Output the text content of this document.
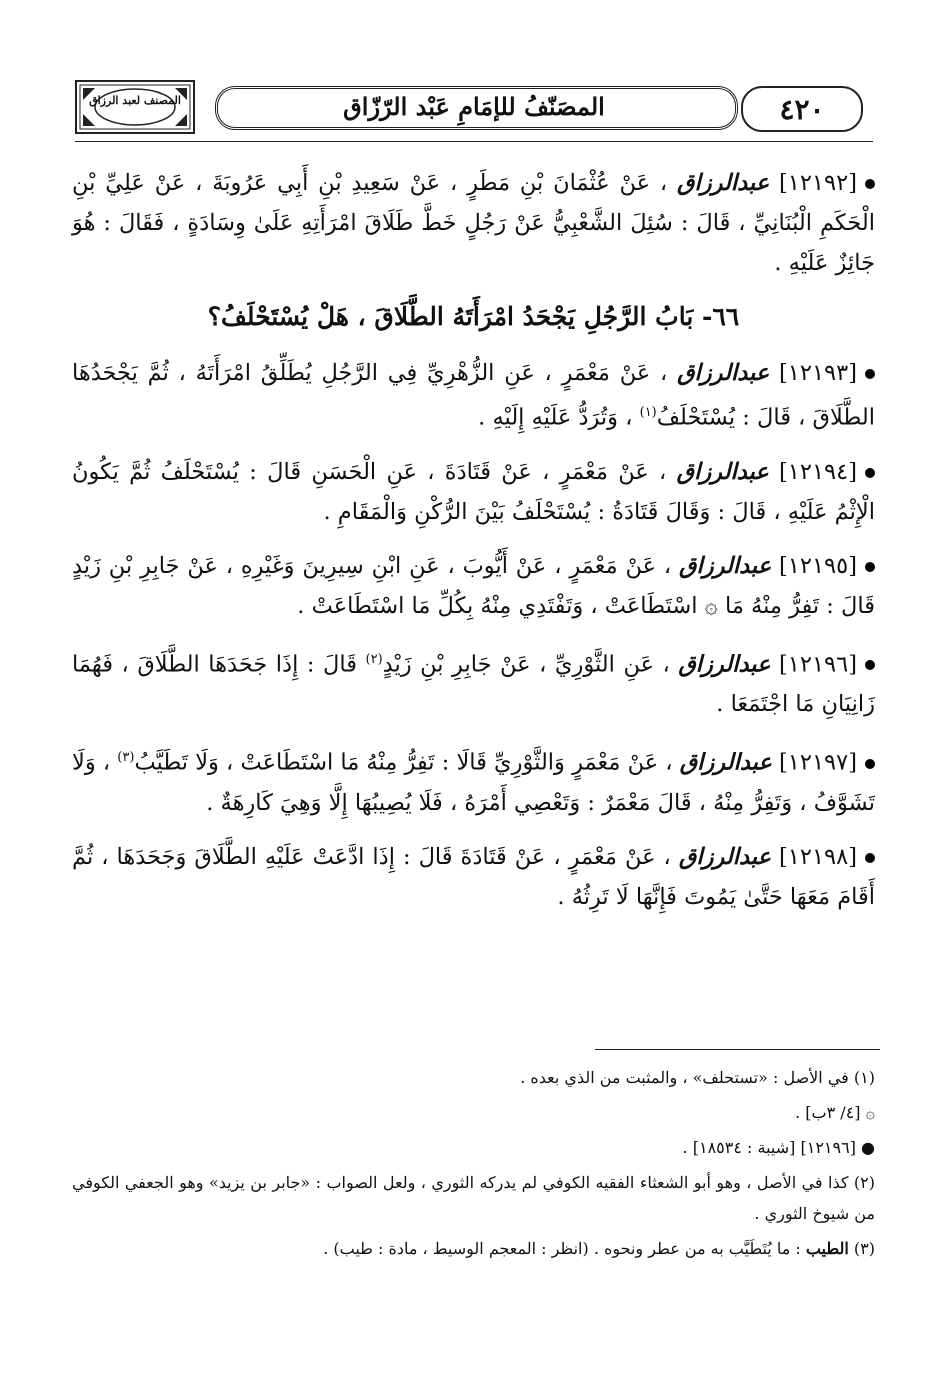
المصَنّفُ للإمَامِ عَبْد الرّزّاق	٤٢٠
المصنف لعبد الرزاق

[١٢١٩٢] عبدالرزاق ، عَنْ عُثْمَانَ بْنِ مَطَرٍ ، عَنْ سَعِيدِ بْنِ أَبِي عَرُوبَةَ ، عَنْ عَلِيِّ بْنِ الْحَكَمِ الْبُنَانِيِّ ، قَالَ : سُئِلَ الشَّعْبِيُّ عَنْ رَجُلٍ خَطَّ طَلَاقَ امْرَأَتِهِ عَلَىٰ وِسَادَةٍ ، فَقَالَ : هُوَ جَائِزٌ عَلَيْهِ .

٦٦- بَابُ الرَّجُلِ يَجْحَدُ امْرَأَتَهُ الطَّلَاقَ ، هَلْ يُسْتَحْلَفُ؟

[١٢١٩٣] عبدالرزاق ، عَنْ مَعْمَرٍ ، عَنِ الزُّهْرِيِّ فِي الرَّجُلِ يُطَلِّقُ امْرَأَتَهُ ، ثُمَّ يَجْحَدُهَا الطَّلَاقَ ، قَالَ : يُسْتَحْلَفُ$^{(١)}$ ، وَتُرَدُّ عَلَيْهِ إِلَيْهِ .

[١٢١٩٤] عبدالرزاق ، عَنْ مَعْمَرٍ ، عَنْ قَتَادَةَ ، عَنِ الْحَسَنِ قَالَ : يُسْتَحْلَفُ ثُمَّ يَكُونُ الْإِثْمُ عَلَيْهِ ، قَالَ : وَقَالَ قَتَادَةُ : يُسْتَحْلَفُ بَيْنَ الرُّكْنِ وَالْمَقَامِ .

[١٢١٩٥] عبدالرزاق ، عَنْ مَعْمَرٍ ، عَنْ أَيُّوبَ ، عَنِ ابْنِ سِيرِينَ وَغَيْرِهِ ، عَنْ جَابِرِ بْنِ زَيْدٍ قَالَ : تَفِرُّ مِنْهُ مَا ۞ اسْتَطَاعَتْ ، وَتَفْتَدِي مِنْهُ بِكُلِّ مَا اسْتَطَاعَتْ .

[١٢١٩٦] عبدالرزاق ، عَنِ الثَّوْرِيِّ ، عَنْ جَابِرِ بْنِ زَيْدٍ$^{(٢)}$ قَالَ : إِذَا جَحَدَهَا الطَّلَاقَ ، فَهُمَا زَانِيَانِ مَا اجْتَمَعَا .

[١٢١٩٧] عبدالرزاق ، عَنْ مَعْمَرٍ وَالثَّوْرِيِّ قَالَا : تَفِرُّ مِنْهُ مَا اسْتَطَاعَتْ ، وَلَا تَطَيَّبُ$^{(٣)}$ ، وَلَا تَشَوَّفُ ، وَتَفِرُّ مِنْهُ ، قَالَ مَعْمَرٌ : وَتَعْصِي أَمْرَهُ ، فَلَا يُصِيبُهَا إِلَّا وَهِيَ كَارِهَةٌ .

[١٢١٩٨] عبدالرزاق ، عَنْ مَعْمَرٍ ، عَنْ قَتَادَةَ قَالَ : إِذَا ادَّعَتْ عَلَيْهِ الطَّلَاقَ وَجَحَدَهَا ، ثُمَّ أَقَامَ مَعَهَا حَتَّىٰ يَمُوتَ فَإِنَّهَا لَا تَرِثُهُ .

(١) في الأصل : «تستحلف» ، والمثبت من الذي بعده .

۞ [٤/ ٣ب] .

● [١٢١٩٦] [شيبة : ١٨٥٣٤] .

(٢) كذا في الأصل ، وهو أبو الشعثاء الفقيه الكوفي لم يدركه الثوري ، ولعل الصواب : «جابر بن يزيد» وهو الجعفي الكوفي من شيوخ الثوري .

(٣) الطيب : ما يُتَطَيَّب به من عطر ونحوه . (انظر : المعجم الوسيط ، مادة : طيب) .
